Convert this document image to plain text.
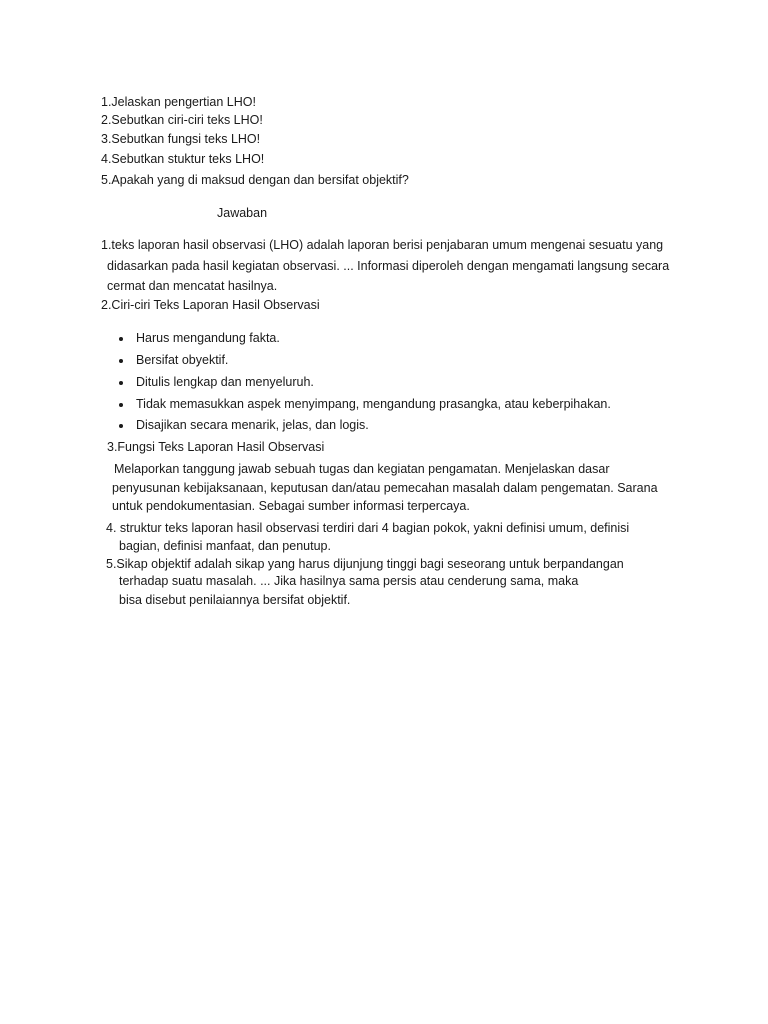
1.Jelaskan pengertian LHO!
2.Sebutkan ciri-ciri teks LHO!
3.Sebutkan fungsi teks LHO!
4.Sebutkan stuktur teks LHO!
5.Apakah yang di maksud dengan dan bersifat objektif?
Jawaban
1.teks laporan hasil observasi (LHO) adalah laporan berisi penjabaran umum mengenai sesuatu yang
didasarkan pada hasil kegiatan observasi. ... Informasi diperoleh dengan mengamati langsung secara
cermat dan mencatat hasilnya.
2.Ciri-ciri Teks Laporan Hasil Observasi
Harus mengandung fakta.
Bersifat obyektif.
Ditulis lengkap dan menyeluruh.
Tidak memasukkan aspek menyimpang, mengandung prasangka, atau keberpihakan.
Disajikan secara menarik, jelas, dan logis.
3.Fungsi Teks Laporan Hasil Observasi
Melaporkan tanggung jawab sebuah tugas dan kegiatan pengamatan. Menjelaskan dasar
penyusunan kebijaksanaan, keputusan dan/atau pemecahan masalah dalam pengematan. Sarana
untuk pendokumentasian. Sebagai sumber informasi terpercaya.
4. struktur teks laporan hasil observasi terdiri dari 4 bagian pokok, yakni definisi umum, definisi
bagian, definisi manfaat, dan penutup.
5.Sikap objektif adalah sikap yang harus dijunjung tinggi bagi seseorang untuk berpandangan
terhadap suatu masalah. ... Jika hasilnya sama persis atau cenderung sama, maka
bisa disebut penilaiannya bersifat objektif.
